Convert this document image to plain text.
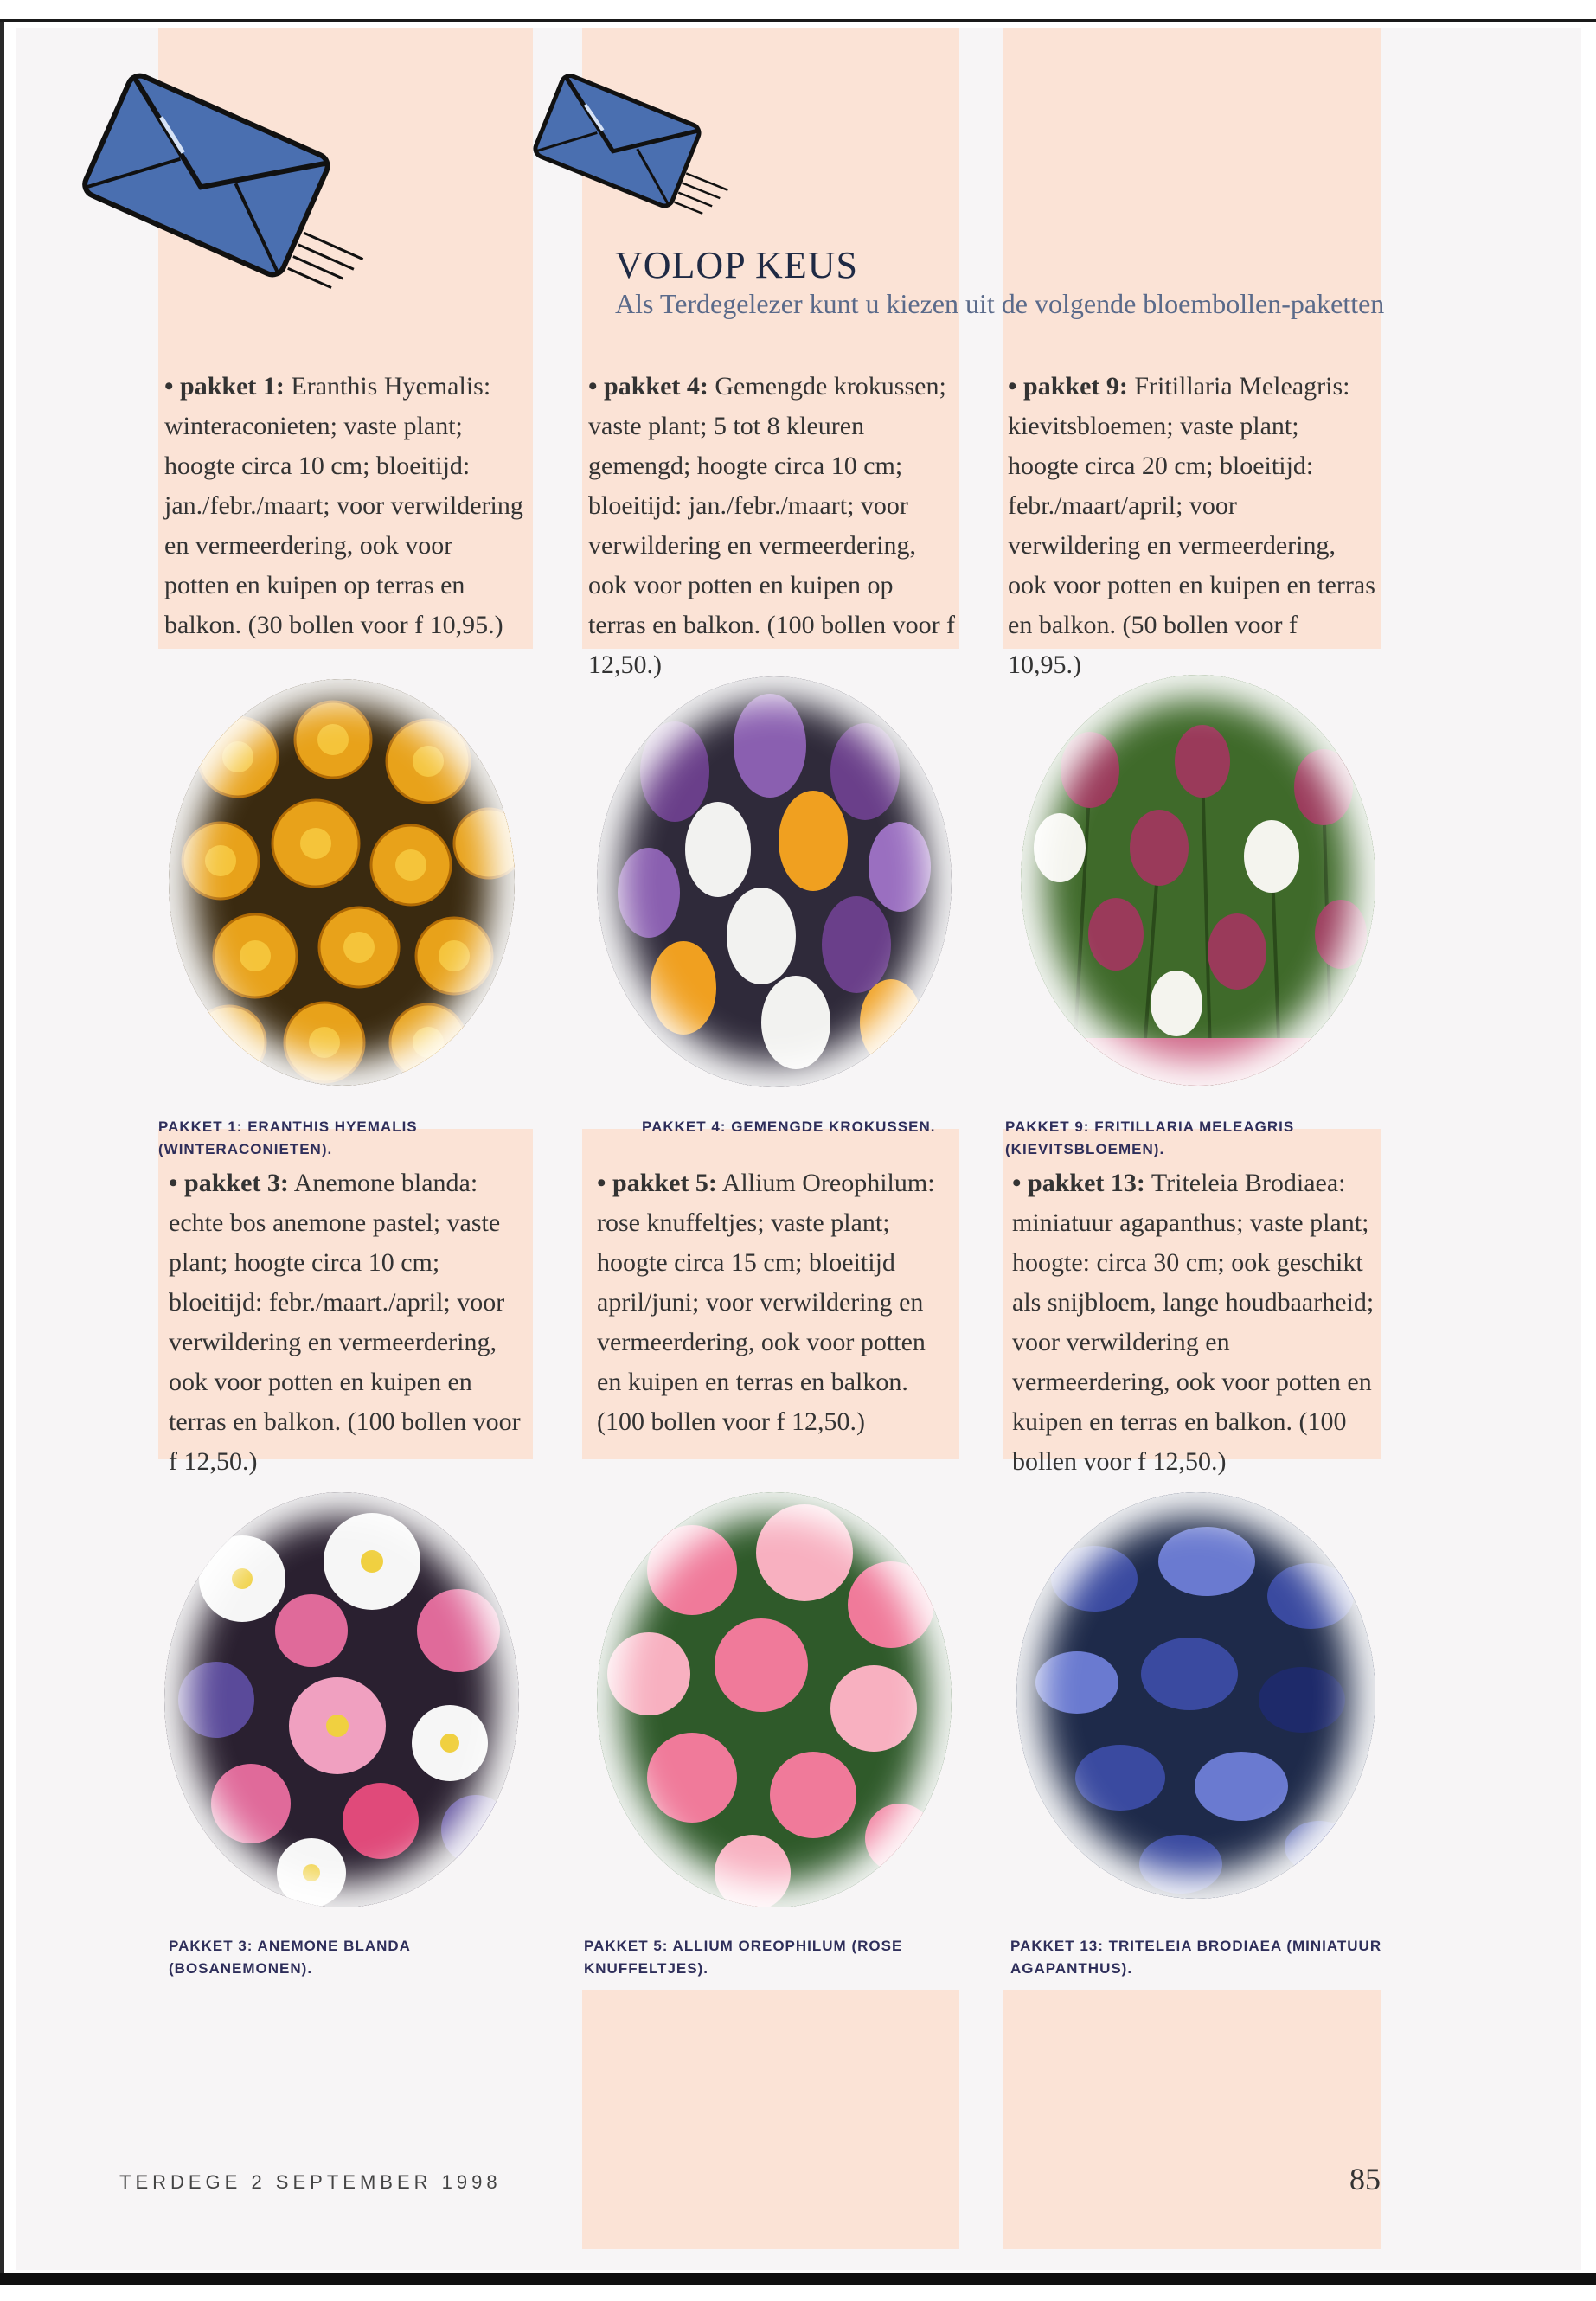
VOLOP KEUS
Als Terdegelezer kunt u kiezen uit de volgende bloembollen-paketten
• pakket 1: Eranthis Hyemalis: winteraconieten; vaste plant; hoogte circa 10 cm; bloeitijd: jan./febr./maart; voor verwildering en vermeerdering, ook voor potten en kuipen op terras en balkon. (30 bollen voor f 10,95.)
• pakket 4: Gemengde krokussen; vaste plant; 5 tot 8 kleuren gemengd; hoogte circa 10 cm; bloeitijd: jan./febr./maart; voor verwildering en vermeerdering, ook voor potten en kuipen op terras en balkon. (100 bollen voor f 12,50.)
• pakket 9: Fritillaria Meleagris: kievitsbloemen; vaste plant; hoogte circa 20 cm; bloeitijd: febr./maart/april; voor verwildering en vermeerdering, ook voor potten en kuipen en terras en balkon. (50 bollen voor f 10,95.)
PAKKET 1: ERANTHIS HYEMALIS (WINTERACONIETEN).
PAKKET 4: GEMENGDE KROKUSSEN.	PAKKET 9: FRITILLARIA MELEAGRIS (KIEVITSBLOEMEN).
• pakket 3: Anemone blanda: echte bos anemone pastel; vaste plant; hoogte circa 10 cm; bloeitijd: febr./maart./april; voor verwildering en vermeerdering, ook voor potten en kuipen en terras en balkon. (100 bollen voor f 12,50.)
• pakket 5: Allium Oreophilum: rose knuffeltjes; vaste plant; hoogte circa 15 cm; bloeitijd april/juni; voor verwildering en vermeerdering, ook voor potten en kuipen en terras en balkon. (100 bollen voor f 12,50.)
• pakket 13: Triteleia Brodiaea: miniatuur agapanthus; vaste plant; hoogte: circa 30 cm; ook geschikt als snijbloem, lange houdbaarheid; voor verwildering en vermeerdering, ook voor potten en kuipen en terras en balkon. (100 bollen voor f 12,50.)
PAKKET 3: ANEMONE BLANDA (BOSANEMONEN).
PAKKET 5: ALLIUM OREOPHILUM (ROSE KNUFFELTJES).
PAKKET 13: TRITELEIA BRODIAEA (MINIATUUR AGAPANTHUS).
TERDEGE 2 SEPTEMBER 1998	85
